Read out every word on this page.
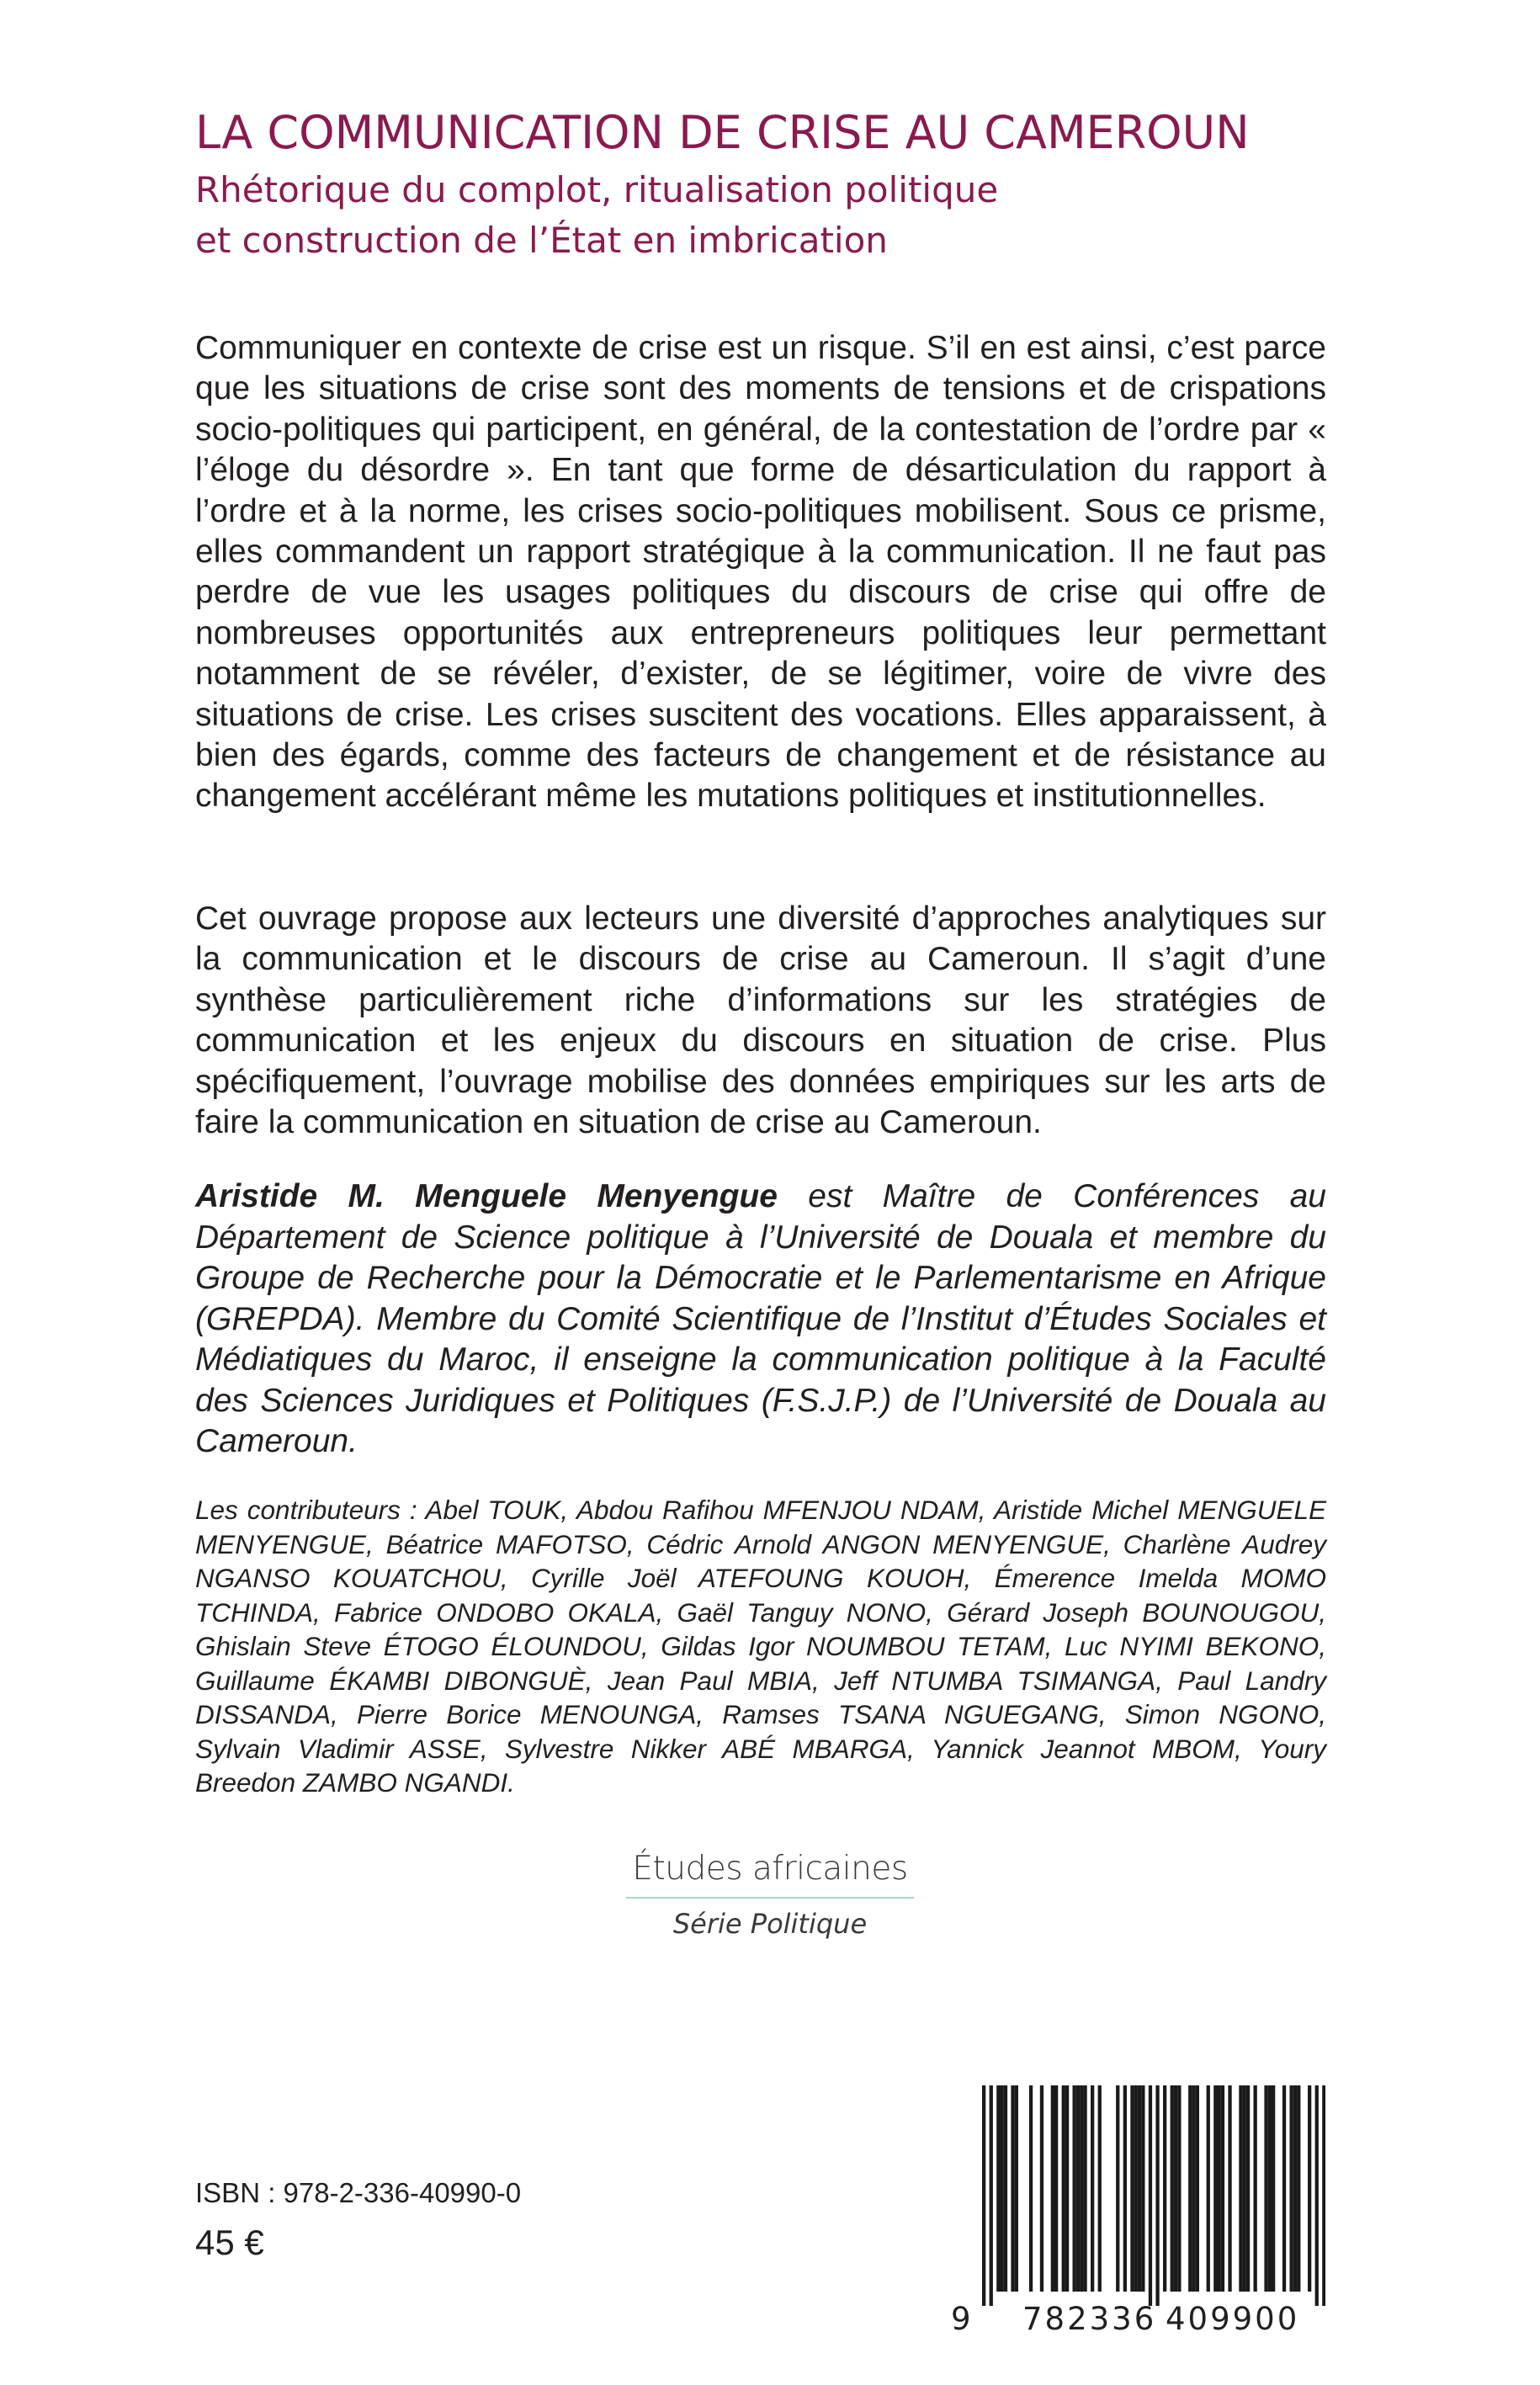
LA COMMUNICATION DE CRISE AU CAMEROUN
Rhétorique du complot, ritualisation politique
et construction de l’État en imbrication

Communiquer en contexte de crise est un risque. S’il en est ainsi, c’est parce que les situations de crise sont des moments de tensions et de crispations socio-politiques qui participent, en général, de la contestation de l’ordre par « l’éloge du désordre ». En tant que forme de désarticulation du rapport à l’ordre et à la norme, les crises socio-politiques mobilisent. Sous ce prisme, elles commandent un rapport stratégique à la communication. Il ne faut pas perdre de vue les usages politiques du discours de crise qui offre de nombreuses opportunités aux entrepreneurs politiques leur permettant notamment de se révéler, d’exister, de se légitimer, voire de vivre des situations de crise. Les crises suscitent des vocations. Elles apparaissent, à bien des égards, comme des facteurs de changement et de résistance au changement accélérant même les mutations politiques et institutionnelles.

Cet ouvrage propose aux lecteurs une diversité d’approches analytiques sur la communication et le discours de crise au Cameroun. Il s’agit d’une synthèse particulièrement riche d’informations sur les stratégies de communication et les enjeux du discours en situation de crise. Plus spécifiquement, l’ouvrage mobilise des données empiriques sur les arts de faire la communication en situation de crise au Cameroun.

Aristide M. Menguele Menyengue est Maître de Conférences au Département de Science politique à l’Université de Douala et membre du Groupe de Recherche pour la Démocratie et le Parlementarisme en Afrique (GREPDA). Membre du Comité Scientifique de l’Institut d’Études Sociales et Médiatiques du Maroc, il enseigne la communication politique à la Faculté des Sciences Juridiques et Politiques (F.S.J.P.) de l’Université de Douala au Cameroun.

Les contributeurs : Abel TOUK, Abdou Rafihou MFENJOU NDAM, Aristide Michel MENGUELE MENYENGUE, Béatrice MAFOTSO, Cédric Arnold ANGON MENYENGUE, Charlène Audrey NGANSO KOUATCHOU, Cyrille Joël ATEFOUNG KOUOH, Émerence Imelda MOMO TCHINDA, Fabrice ONDOBO OKALA, Gaël Tanguy NONO, Gérard Joseph BOUNOUGOU, Ghislain Steve ÉTOGO ÉLOUNDOU, Gildas Igor NOUMBOU TETAM, Luc NYIMI BEKONO, Guillaume ÉKAMBI DIBONGUÈ, Jean Paul MBIA, Jeff NTUMBA TSIMANGA, Paul Landry DISSANDA, Pierre Borice MENOUNGA, Ramses TSANA NGUEGANG, Simon NGONO, Sylvain Vladimir ASSE, Sylvestre Nikker ABÉ MBARGA, Yannick Jeannot MBOM, Youry Breedon ZAMBO NGANDI.

Études africaines
Série Politique
ISBN : 978-2-336-40990-0
45 €
9 782336 409900
